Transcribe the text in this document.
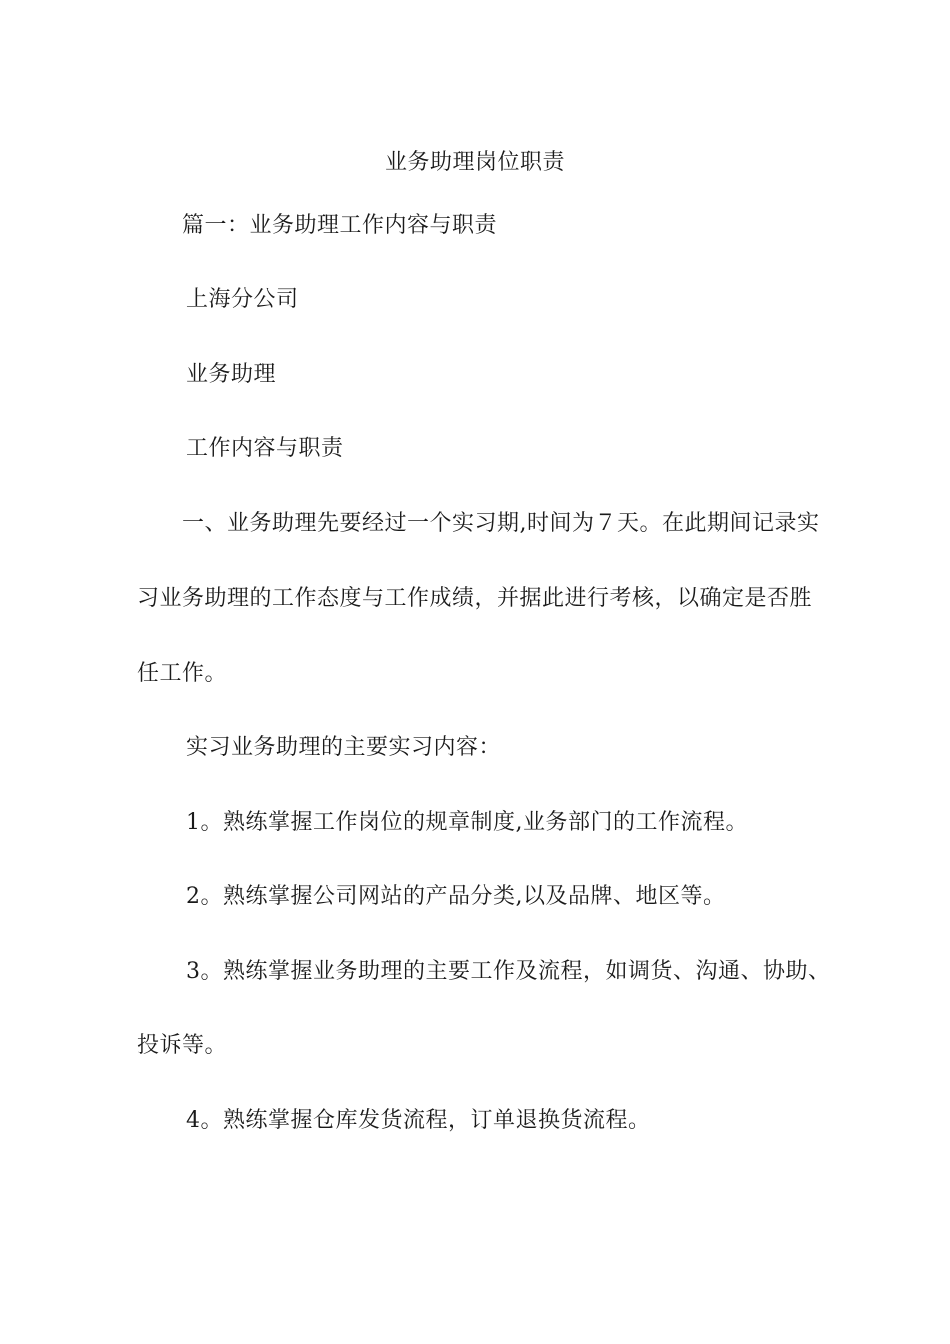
业务助理岗位职责
篇一：业务助理工作内容与职责
上海分公司
业务助理
工作内容与职责
一、业务助理先要经过一个实习期,时间为７天。在此期间记录实
习业务助理的工作态度与工作成绩，并据此进行考核，以确定是否胜
任工作。
实习业务助理的主要实习内容：
1。熟练掌握工作岗位的规章制度,业务部门的工作流程。
2。熟练掌握公司网站的产品分类,以及品牌、地区等。
3。熟练掌握业务助理的主要工作及流程，如调货、沟通、协助、
投诉等。
4。熟练掌握仓库发货流程，订单退换货流程。
